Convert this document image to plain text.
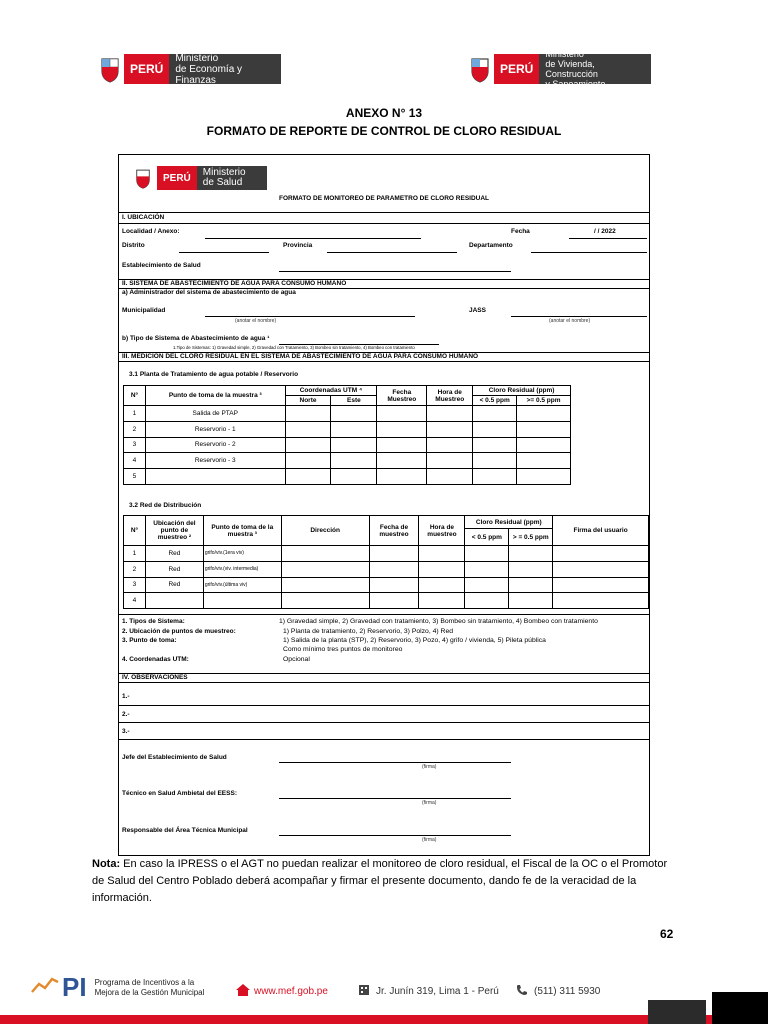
PERÚ
Ministerio
de Economía y Finanzas
PERÚ
Ministerio
de Vivienda, Construcción
y Saneamiento
ANEXO N° 13
FORMATO DE REPORTE DE CONTROL DE CLORO RESIDUAL
PERÚ	Ministerio
de Salud
FORMATO DE MONITOREO DE PARAMETRO DE CLORO RESIDUAL
I. UBICACIÓN
Localidad / Anexo:	Fecha	/ / 2022
Distrito	Provincia	Departamento
Establecimiento de Salud
II. SISTEMA DE ABASTECIMIENTO DE AGUA PARA CONSUMO HUMANO
a) Administrador del sistema de abastecimiento de agua
Municipalidad
(anotar el nombre)
JASS
(anotar el nombre)
b) Tipo de Sistema de Abastecimiento de agua ¹
1.Tipo de Sistemas: 1) Gravedad simple, 2) Gravedad con Tratamiento, 3) Bombeo sin tratamiento, 4) Bombeo con tratamiento
III. MEDICIÓN DEL CLORO RESIDUAL EN EL SISTEMA DE ABASTECIMIENTO DE AGUA PARA CONSUMO HUMANO
3.1 Planta de Tratamiento de agua potable / Reservorio
N°	Punto de toma de la muestra ³	Coordenadas UTM ⁴		Fecha Muestreo	Hora de Muestreo	Cloro Residual (ppm)	
		Norte	Este			< 0.5 ppm	>= 0.5 ppm
1	Salida de PTAP						
2	Reservorio - 1						
3	Reservorio - 2						
4	Reservorio - 3						
5							
3.2 Red de Distribución
N°	Ubicación del punto de muestreo ²	Punto de toma de la muestra ³	Dirección	Fecha de muestreo	Hora de muestreo	Cloro Residual (ppm)		Firma del usuario
						< 0.5 ppm	> = 0.5 ppm	
1	Red	grifo/viv.(1era viv)						
2	Red	grifo/viv.(viv. intermedia)						
3	Red	grifo/viv.(última viv)						
4								
1. Tipos de Sistema:	1) Gravedad simple, 2) Gravedad con tratamiento, 3) Bombeo sin tratamiento, 4) Bombeo con tratamiento
2. Ubicación de puntos de muestreo:	1) Planta de tratamiento, 2) Reservorio, 3) Polzo, 4) Red
3. Punto de toma:	1) Salida de la planta (STP), 2) Reservorio, 3) Pozo, 4) grifo / vivienda, 5) Pileta pública
Como mínimo tres puntos de monitoreo
4. Coordenadas UTM:	Opcional
IV. OBSERVACIONES
1.-
2.-
3.-
Jefe del Establecimiento de Salud
(firma)
Técnico en Salud Ambietal del EESS:
(firma)
Responsable del Área Técnica Municipal
(firma)
Nota: En caso la IPRESS o el AGT no puedan realizar el monitoreo de cloro residual, el Fiscal de la OC o el Promotor de Salud del Centro Poblado deberá acompañar y firmar el presente documento, dando fe de la veracidad de la información.
62
PI Programa de Incentivos a la
Mejora de la Gestión Municipal	www.mef.gob.pe	Jr. Junín 319, Lima 1 - Perú	(511) 311 5930
